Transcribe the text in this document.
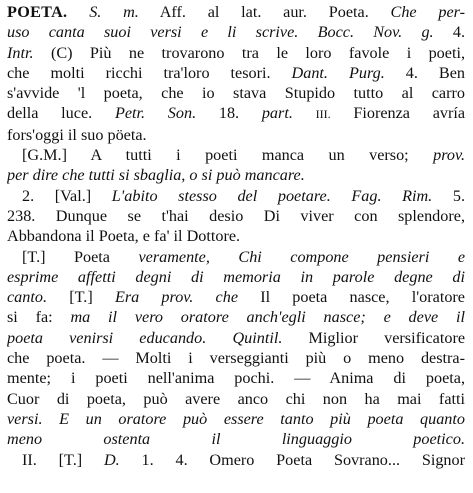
POETA. S. m. Aff. al lat. aur. Poeta. Che per-
uso canta suoi versi e li scrive. Bocc. Nov. g. 4.
Intr. (C) Più ne trovarono tra le loro favole i poeti,
che molti ricchi tra'loro tesori. Dant. Purg. 4. Ben
s'avvide 'l poeta, che io stava Stupido tutto al carro
della luce. Petr. Son. 18. part. III. Fiorenza avría
fors'oggi il suo pöeta.
[G.M.] A tutti i poeti manca un verso; prov.
per dire che tutti si sbaglia, o si può mancare.
2. [Val.] L'abito stesso del poetare. Fag. Rim. 5.
238. Dunque se t'hai desio Di viver con splendore,
Abbandona il Poeta, e fa' il Dottore.
[T.] Poeta veramente, Chi compone pensieri e
esprime affetti degni di memoria in parole degne di
canto. [T.] Era prov. che Il poeta nasce, l'oratore
si fa: ma il vero oratore anch'egli nasce; e deve il
poeta venirsi educando. Quintil. Miglior versificatore
che poeta. — Molti i verseggianti più o meno destra-
mente; i poeti nell'anima pochi. — Anima di poeta,
Cuor di poeta, può avere anco chi non ha mai fatti
versi. E un oratore può essere tanto più poeta quanto
meno ostenta il linguaggio poetico.
II. [T.] D. 1. 4. Omero Poeta Sovrano... Signor
